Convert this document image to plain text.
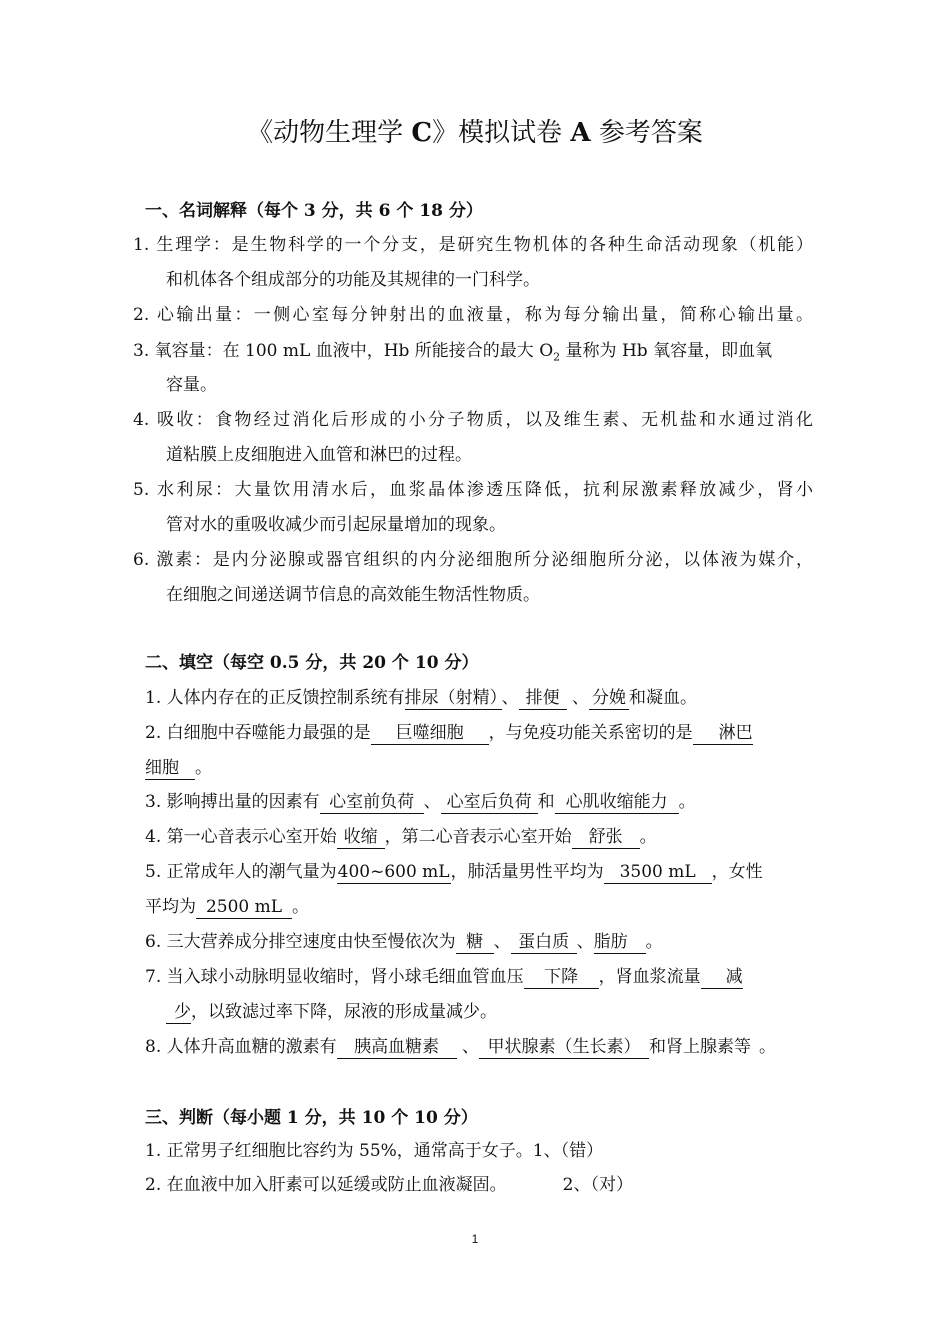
《动物生理学 C》模拟试卷 A 参考答案
一、名词解释（每个 3 分，共 6 个 18 分）
1. 生理学：是生物科学的一个分支，是研究生物机体的各种生命活动现象（机能）
和机体各个组成部分的功能及其规律的一门科学。
2. 心输出量：一侧心室每分钟射出的血液量，称为每分输出量，简称心输出量。
3. 氧容量：在 100 mL 血液中，Hb 所能接合的最大 $O_2$ 量称为 Hb 氧容量，即血氧
容量。
4. 吸收：食物经过消化后形成的小分子物质，以及维生素、无机盐和水通过消化
道粘膜上皮细胞进入血管和淋巴的过程。
5. 水利尿：大量饮用清水后，血浆晶体渗透压降低，抗利尿激素释放减少，肾小
管对水的重吸收减少而引起尿量增加的现象。
6. 激素：是内分泌腺或器官组织的内分泌细胞所分泌细胞所分泌，以体液为媒介，
在细胞之间递送调节信息的高效能生物活性物质。
二、填空（每空 0.5 分，共 20 个 10 分）
1. 人体内存在的正反馈控制系统有排尿（射精）、 排便 、 分娩 和凝血。
2. 白细胞中吞噬能力最强的是 巨噬细胞 ，与免疫功能关系密切的是 淋巴
细胞 。
3. 影响搏出量的因素有 心室前负荷 、 心室后负荷 和 心肌收缩能力 。
4. 第一心音表示心室开始 收缩 ，第二心音表示心室开始 舒张 。
5. 正常成年人的潮气量为400~600 mL，肺活量男性平均为 3500 mL ，女性
平均为 2500 mL 。
6. 三大营养成分排空速度由快至慢依次为 糖 、 蛋白质 、脂肪 。
7. 当入球小动脉明显收缩时，肾小球毛细血管血压 下降 ，肾血浆流量 减
少，以致滤过率下降，尿液的形成量减少。
8. 人体升高血糖的激素有 胰高血糖素 、 甲状腺素（生长素） 和肾上腺素等 。
三、判断（每小题 1 分，共 10 个 10 分）
1. 正常男子红细胞比容约为 55%，通常高于女子。1、（错）
2. 在血液中加入肝素可以延缓或防止血液凝固。	2、（对）
1
